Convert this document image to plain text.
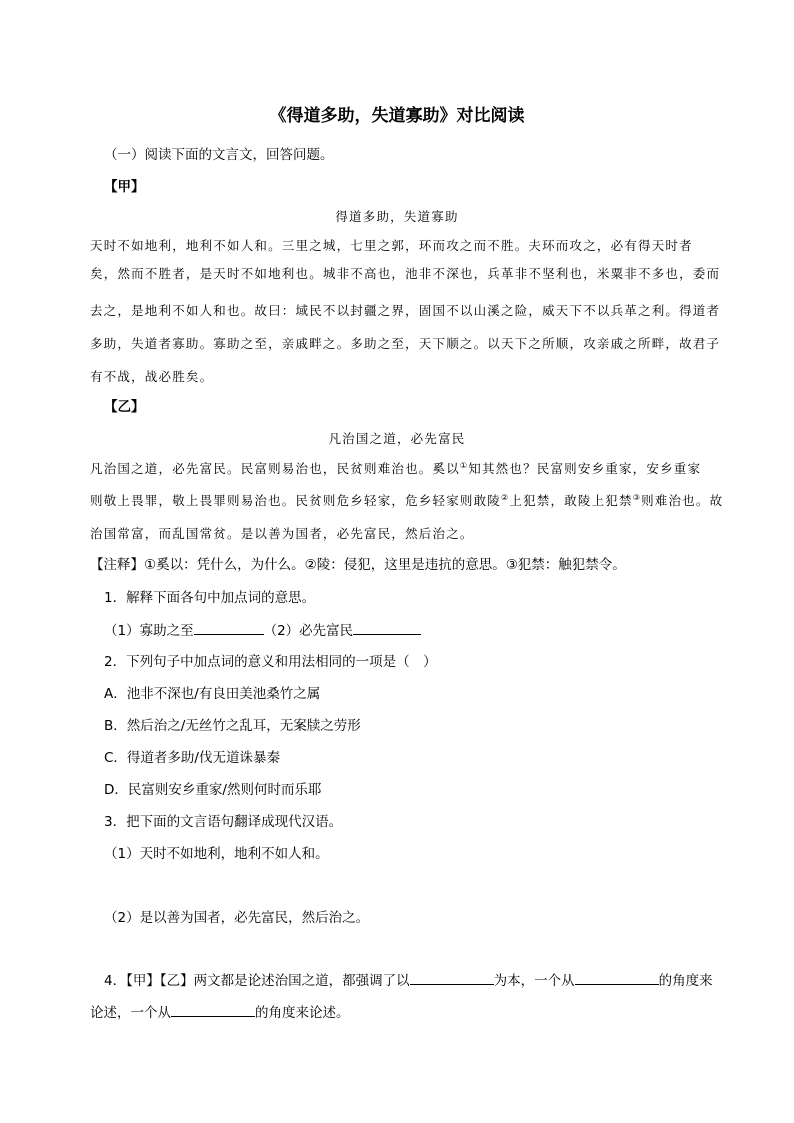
《得道多助，失道寡助》对比阅读
（一）阅读下面的文言文，回答问题。
【甲】
得道多助，失道寡助
天时不如地利，地利不如人和。三里之城，七里之郭，环而攻之而不胜。夫环而攻之，必有得天时者
矣，然而不胜者，是天时不如地利也。城非不高也，池非不深也，兵革非不坚利也，米粟非不多也，委而
去之，是地利不如人和也。故曰：域民不以封疆之界，固国不以山溪之险，威天下不以兵革之利。得道者
多助，失道者寡助。寡助之至，亲戚畔之。多助之至，天下顺之。以天下之所顺，攻亲戚之所畔，故君子
有不战，战必胜矣。
【乙】
凡治国之道，必先富民
凡治国之道，必先富民。民富则易治也，民贫则难治也。奚以①知其然也？民富则安乡重家，安乡重家
则敬上畏罪，敬上畏罪则易治也。民贫则危乡轻家，危乡轻家则敢陵②上犯禁，敢陵上犯禁③则难治也。故
治国常富，而乱国常贫。是以善为国者，必先富民，然后治之。
【注释】①奚以：凭什么，为什么。②陵：侵犯，这里是违抗的意思。③犯禁：触犯禁令。
1．解释下面各句中加点词的意思。
（1）寡助之至	（2）必先富民
2．下列句子中加点词的意义和用法相同的一项是（　）
A．池非不深也/有良田美池桑竹之属
B．然后治之/无丝竹之乱耳，无案牍之劳形
C．得道者多助/伐无道诛暴秦
D．民富则安乡重家/然则何时而乐耶
3．把下面的文言语句翻译成现代汉语。
（1）天时不如地利，地利不如人和。
（2）是以善为国者，必先富民，然后治之。
4．【甲】【乙】两文都是论述治国之道，都强调了以	为本，一个从	的角度来
论述，一个从	的角度来论述。
